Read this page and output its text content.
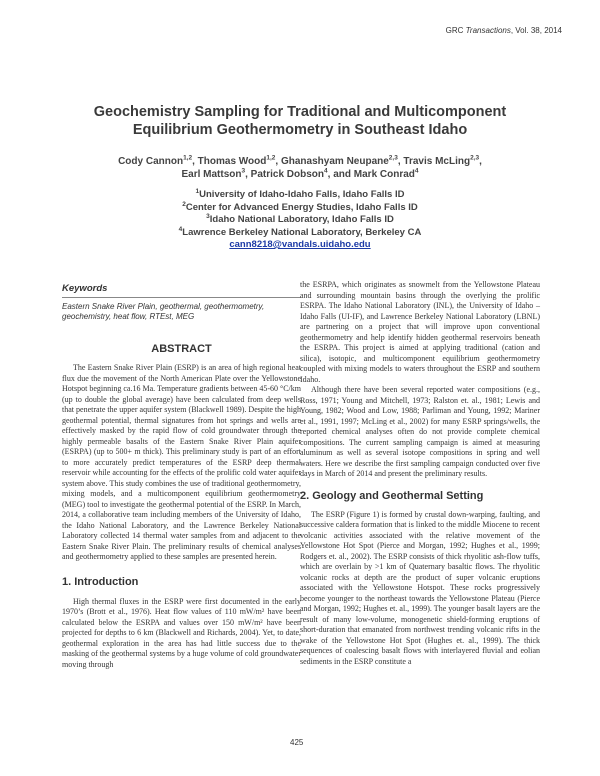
GRC Transactions, Vol. 38, 2014
Geochemistry Sampling for Traditional and Multicomponent
Equilibrium Geothermometry in Southeast Idaho
Cody Cannon$^{1,2}$, Thomas Wood$^{1,2}$, Ghanashyam Neupane$^{2,3}$, Travis McLing$^{2,3}$,
Earl Mattson$^3$, Patrick Dobson$^4$, and Mark Conrad$^4$
$^1$University of Idaho-Idaho Falls, Idaho Falls ID
$^2$Center for Advanced Energy Studies, Idaho Falls ID
$^3$Idaho National Laboratory, Idaho Falls ID
$^4$Lawrence Berkeley National Laboratory, Berkeley CA
cann8218@vandals.uidaho.edu
Keywords
Eastern Snake River Plain, geothermal, geothermometry, geochemistry, heat flow, RTEst, MEG
ABSTRACT

The Eastern Snake River Plain (ESRP) is an area of high regional heat flux due the movement of the North American Plate over the Yellowstone Hotspot beginning ca.16 Ma. Temperature gradients between 45-60 °C/km (up to double the global average) have been calculated from deep wells that penetrate the upper aquifer system (Blackwell 1989). Despite the high geothermal potential, thermal signatures from hot springs and wells are effectively masked by the rapid flow of cold groundwater through the highly permeable basalts of the Eastern Snake River Plain aquifer (ESRPA) (up to 500+ m thick). This preliminary study is part of an effort to more accurately predict temperatures of the ESRP deep thermal reservoir while accounting for the effects of the prolific cold water aquifer system above. This study combines the use of traditional geothermometry, mixing models, and a multicomponent equilibrium geothermometry (MEG) tool to investigate the geothermal potential of the ESRP. In March, 2014, a collaborative team including members of the University of Idaho, the Idaho National Laboratory, and the Lawrence Berkeley National Laboratory collected 14 thermal water samples from and adjacent to the Eastern Snake River Plain. The preliminary results of chemical analyses and geothermometry applied to these samples are presented herein.

1. Introduction

High thermal fluxes in the ESRP were first documented in the early 1970’s (Brott et al., 1976). Heat flow values of 110 mW/m² have been calculated below the ESRPA and values over 150 mW/m² have been projected for depths to 6 km (Blackwell and Richards, 2004). Yet, to date, geothermal exploration in the area has had little success due to the masking of the geothermal systems by a huge volume of cold groundwater moving through

the ESRPA, which originates as snowmelt from the Yellowstone Plateau and surrounding mountain basins through the overlying the prolific ESRPA. The Idaho National Laboratory (INL), the University of Idaho – Idaho Falls (UI-IF), and Lawrence Berkeley National Laboratory (LBNL) are partnering on a project that will improve upon conventional geothermometry and help identify hidden geothermal reservoirs beneath the ESRPA. This project is aimed at applying traditional (cation and silica), isotopic, and multicomponent equilibrium geothermometry coupled with mixing models to waters throughout the ESRP and southern Idaho.

Although there have been several reported water compositions (e.g., Ross, 1971; Young and Mitchell, 1973; Ralston et. al., 1981; Lewis and Young, 1982; Wood and Low, 1988; Parliman and Young, 1992; Mariner et al., 1991, 1997; McLing et al., 2002) for many ESRP springs/wells, the reported chemical analyses often do not provide complete chemical compositions. The current sampling campaign is aimed at measuring aluminum as well as several isotope compositions in spring and well waters. Here we describe the first sampling campaign conducted over five days in March of 2014 and present the preliminary results.

2. Geology and Geothermal Setting

The ESRP (Figure 1) is formed by crustal down-warping, faulting, and successive caldera formation that is linked to the middle Miocene to recent volcanic activities associated with the relative movement of the Yellowstone Hot Spot (Pierce and Morgan, 1992; Hughes et al., 1999; Rodgers et. al., 2002). The ESRP consists of thick rhyolitic ash-flow tuffs, which are overlain by >1 km of Quaternary basaltic flows. The rhyolitic volcanic rocks at depth are the product of super volcanic eruptions associated with the Yellowstone Hotspot. These rocks progressively become younger to the northeast towards the Yellowstone Plateau (Pierce and Morgan, 1992; Hughes et. al., 1999). The younger basalt layers are the result of many low-volume, monogenetic shield-forming eruptions of short-duration that emanated from northwest trending volcanic rifts in the wake of the Yellowstone Hot Spot (Hughes et. al., 1999). The thick sequences of coalescing basalt flows with interlayered fluvial and eolian sediments in the ESRP constitute a

425
